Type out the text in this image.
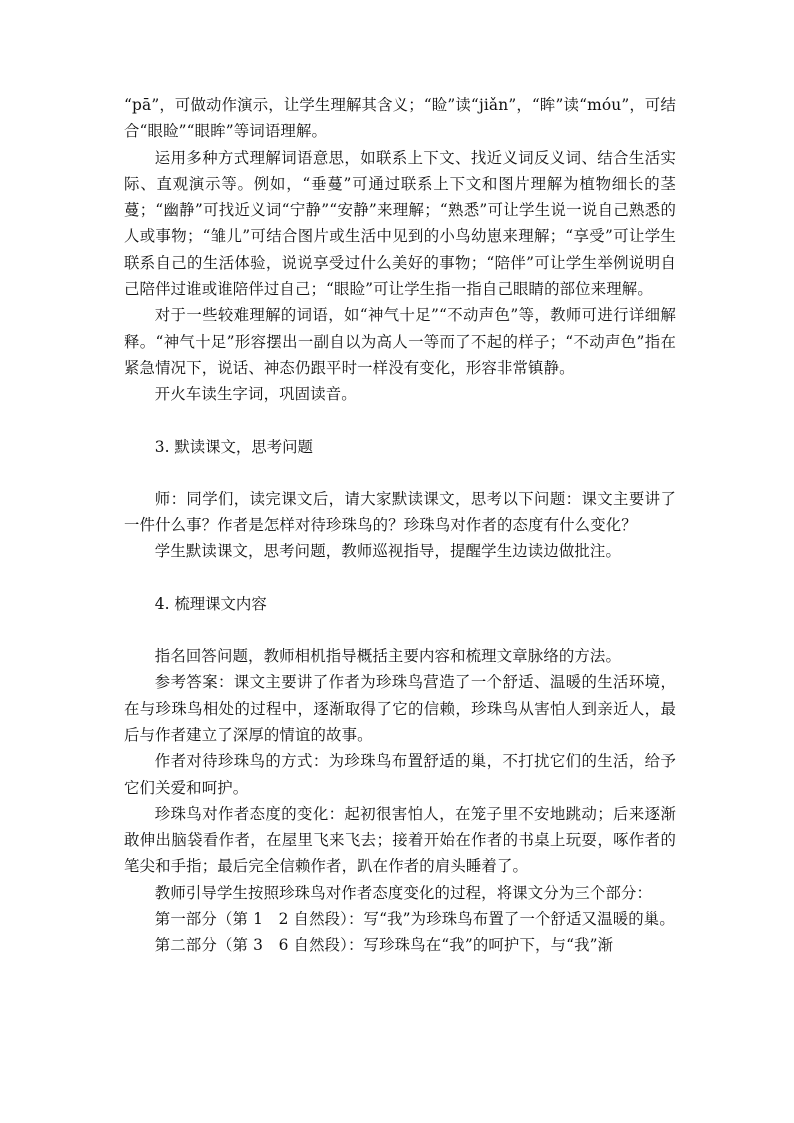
“pā”，可做动作演示，让学生理解其含义；“睑”读“jiǎn”，“眸”读“móu”，可结合“眼睑”“眼眸”等词语理解。

运用多种方式理解词语意思，如联系上下文、找近义词反义词、结合生活实际、直观演示等。例如，“垂蔓”可通过联系上下文和图片理解为植物细长的茎蔓；“幽静”可找近义词“宁静”“安静”来理解；“熟悉”可让学生说一说自己熟悉的人或事物；“雏儿”可结合图片或生活中见到的小鸟幼崽来理解；“享受”可让学生联系自己的生活体验，说说享受过什么美好的事物；“陪伴”可让学生举例说明自己陪伴过谁或谁陪伴过自己；“眼睑”可让学生指一指自己眼睛的部位来理解。

对于一些较难理解的词语，如“神气十足”“不动声色”等，教师可进行详细解释。“神气十足”形容摆出一副自以为高人一等而了不起的样子；“不动声色”指在紧急情况下，说话、神态仍跟平时一样没有变化，形容非常镇静。

开火车读生字词，巩固读音。

3. 默读课文，思考问题

师：同学们，读完课文后，请大家默读课文，思考以下问题：课文主要讲了一件什么事？作者是怎样对待珍珠鸟的？珍珠鸟对作者的态度有什么变化？

学生默读课文，思考问题，教师巡视指导，提醒学生边读边做批注。

4. 梳理课文内容

指名回答问题，教师相机指导概括主要内容和梳理文章脉络的方法。

参考答案：课文主要讲了作者为珍珠鸟营造了一个舒适、温暖的生活环境，在与珍珠鸟相处的过程中，逐渐取得了它的信赖，珍珠鸟从害怕人到亲近人，最后与作者建立了深厚的情谊的故事。

作者对待珍珠鸟的方式：为珍珠鸟布置舒适的巢，不打扰它们的生活，给予它们关爱和呵护。

珍珠鸟对作者态度的变化：起初很害怕人，在笼子里不安地跳动；后来逐渐敢伸出脑袋看作者，在屋里飞来飞去；接着开始在作者的书桌上玩耍，啄作者的笔尖和手指；最后完全信赖作者，趴在作者的肩头睡着了。

教师引导学生按照珍珠鸟对作者态度变化的过程，将课文分为三个部分：

第一部分（第 1　2 自然段）：写“我”为珍珠鸟布置了一个舒适又温暖的巢。

第二部分（第 3　6 自然段）：写珍珠鸟在“我”的呵护下，与“我”渐
